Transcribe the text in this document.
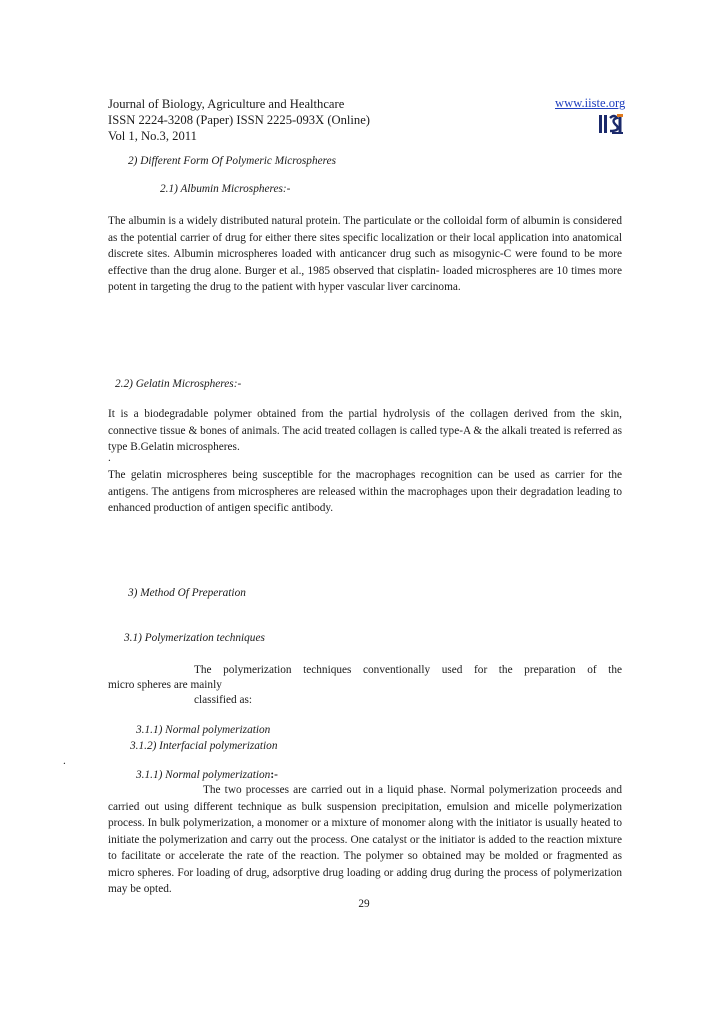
Journal of Biology, Agriculture and Healthcare	www.iiste.org
ISSN 2224-3208 (Paper) ISSN 2225-093X (Online)
Vol 1, No.3, 2011
2) Different Form Of Polymeric Microspheres
2.1) Albumin Microspheres:-
The albumin is a widely distributed natural protein. The particulate or the colloidal form of albumin is considered as the potential carrier of drug for either there sites specific localization or their local application into anatomical discrete sites. Albumin microspheres loaded with anticancer drug such as misogynic-C were found to be more effective than the drug alone. Burger et al., 1985 observed that cisplatin- loaded microspheres are 10 times more potent in targeting the drug to the patient with hyper vascular liver carcinoma.
2.2) Gelatin Microspheres:-
It is a biodegradable polymer obtained from the partial hydrolysis of the collagen derived from the skin, connective tissue & bones of animals. The acid treated collagen is called type-A & the alkali treated is referred as type B.Gelatin microspheres.
.
The gelatin microspheres being susceptible for the macrophages recognition can be used as carrier for the antigens. The antigens from microspheres are released within the macrophages upon their degradation leading to enhanced production of antigen specific antibody.
3) Method Of Preperation
3.1) Polymerization techniques
The polymerization techniques conventionally used for the preparation of the
micro spheres are mainly
classified as:
3.1.1) Normal polymerization
3.1.2) Interfacial polymerization
.
3.1.1) Normal polymerization:-
The two processes are carried out in a liquid phase. Normal polymerization proceeds and carried out using different technique as bulk suspension precipitation, emulsion and micelle polymerization process. In bulk polymerization, a monomer or a mixture of monomer along with the initiator is usually heated to initiate the polymerization and carry out the process. One catalyst or the initiator is added to the reaction mixture to facilitate or accelerate the rate of the reaction. The polymer so obtained may be molded or fragmented as micro spheres. For loading of drug, adsorptive drug loading or adding drug during the process of polymerization may be opted.
29
